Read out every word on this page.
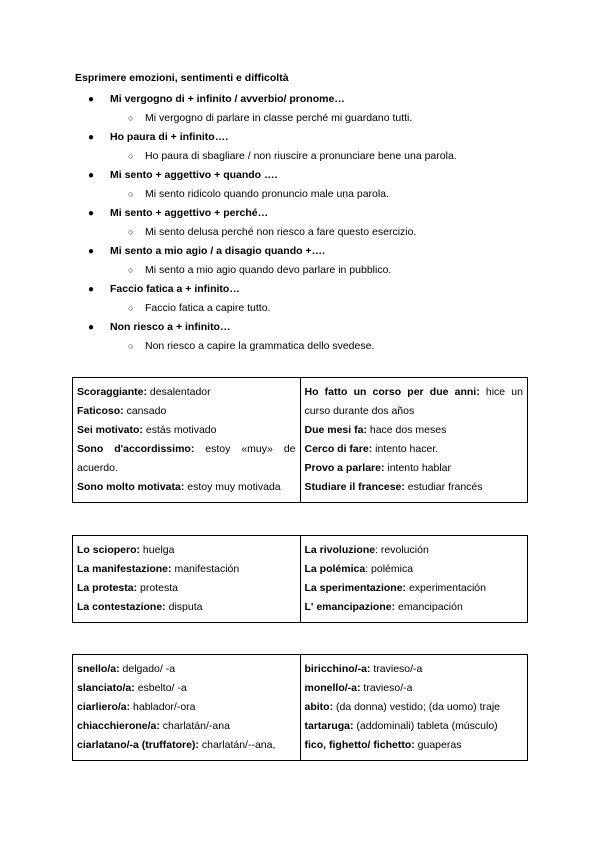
Esprimere emozioni, sentimenti e difficoltà
● Mi vergogno di + infinito / avverbio/ pronome…
○ Mi vergogno di parlare in classe perché mi guardano tutti.
● Ho paura di + infinito….
○ Ho paura di sbagliare / non riuscire a pronunciare bene una parola.
● Mi sento + aggettivo + quando ….
○ Mi sento ridicolo quando pronuncio male una parola.
● Mi sento + aggettivo + perché…
○ Mi sento delusa perché non riesco a fare questo esercizio.
● Mi sento a mio agio / a disagio quando +….
○ Mi sento a mio agio quando devo parlare in pubblico.
● Faccio fatica a + infinito…
○ Faccio fatica a capire tutto.
● Non riesco a + infinito…
○ Non riesco a capire la grammatica dello svedese.
Scoraggiante: desalentador
Faticoso: cansado
Sei motivato: estás motivado
Sono d'accordissimo: estoy «muy» de acuerdo.
Sono molto motivata: estoy muy motivada

Ho fatto un corso per due anni: hice un curso durante dos años
Due mesi fa: hace dos meses
Cerco di fare: intento hacer.
Provo a parlare: intento hablar
Studiare il francese: estudiar francés
Lo sciopero: huelga
La manifestazione: manifestación
La protesta: protesta
La contestazione: disputa

La rivoluzione: revolución
La polémica: polémica
La sperimentazione: experimentación
L' emancipazione: emancipación
snello/a: delgado/ -a
slanciato/a: esbelto/ -a
ciarliero/a: hablador/-ora
chiacchierone/a: charlatán/-ana
ciarlatano/-a (truffatore): charlatán/--ana,

biricchino/-a: travieso/-a
monello/-a: travieso/-a
abito: (da donna) vestido; (da uomo) traje
tartaruga: (addominali) tableta (músculo)
fico, fighetto/ fichetto: guaperas
